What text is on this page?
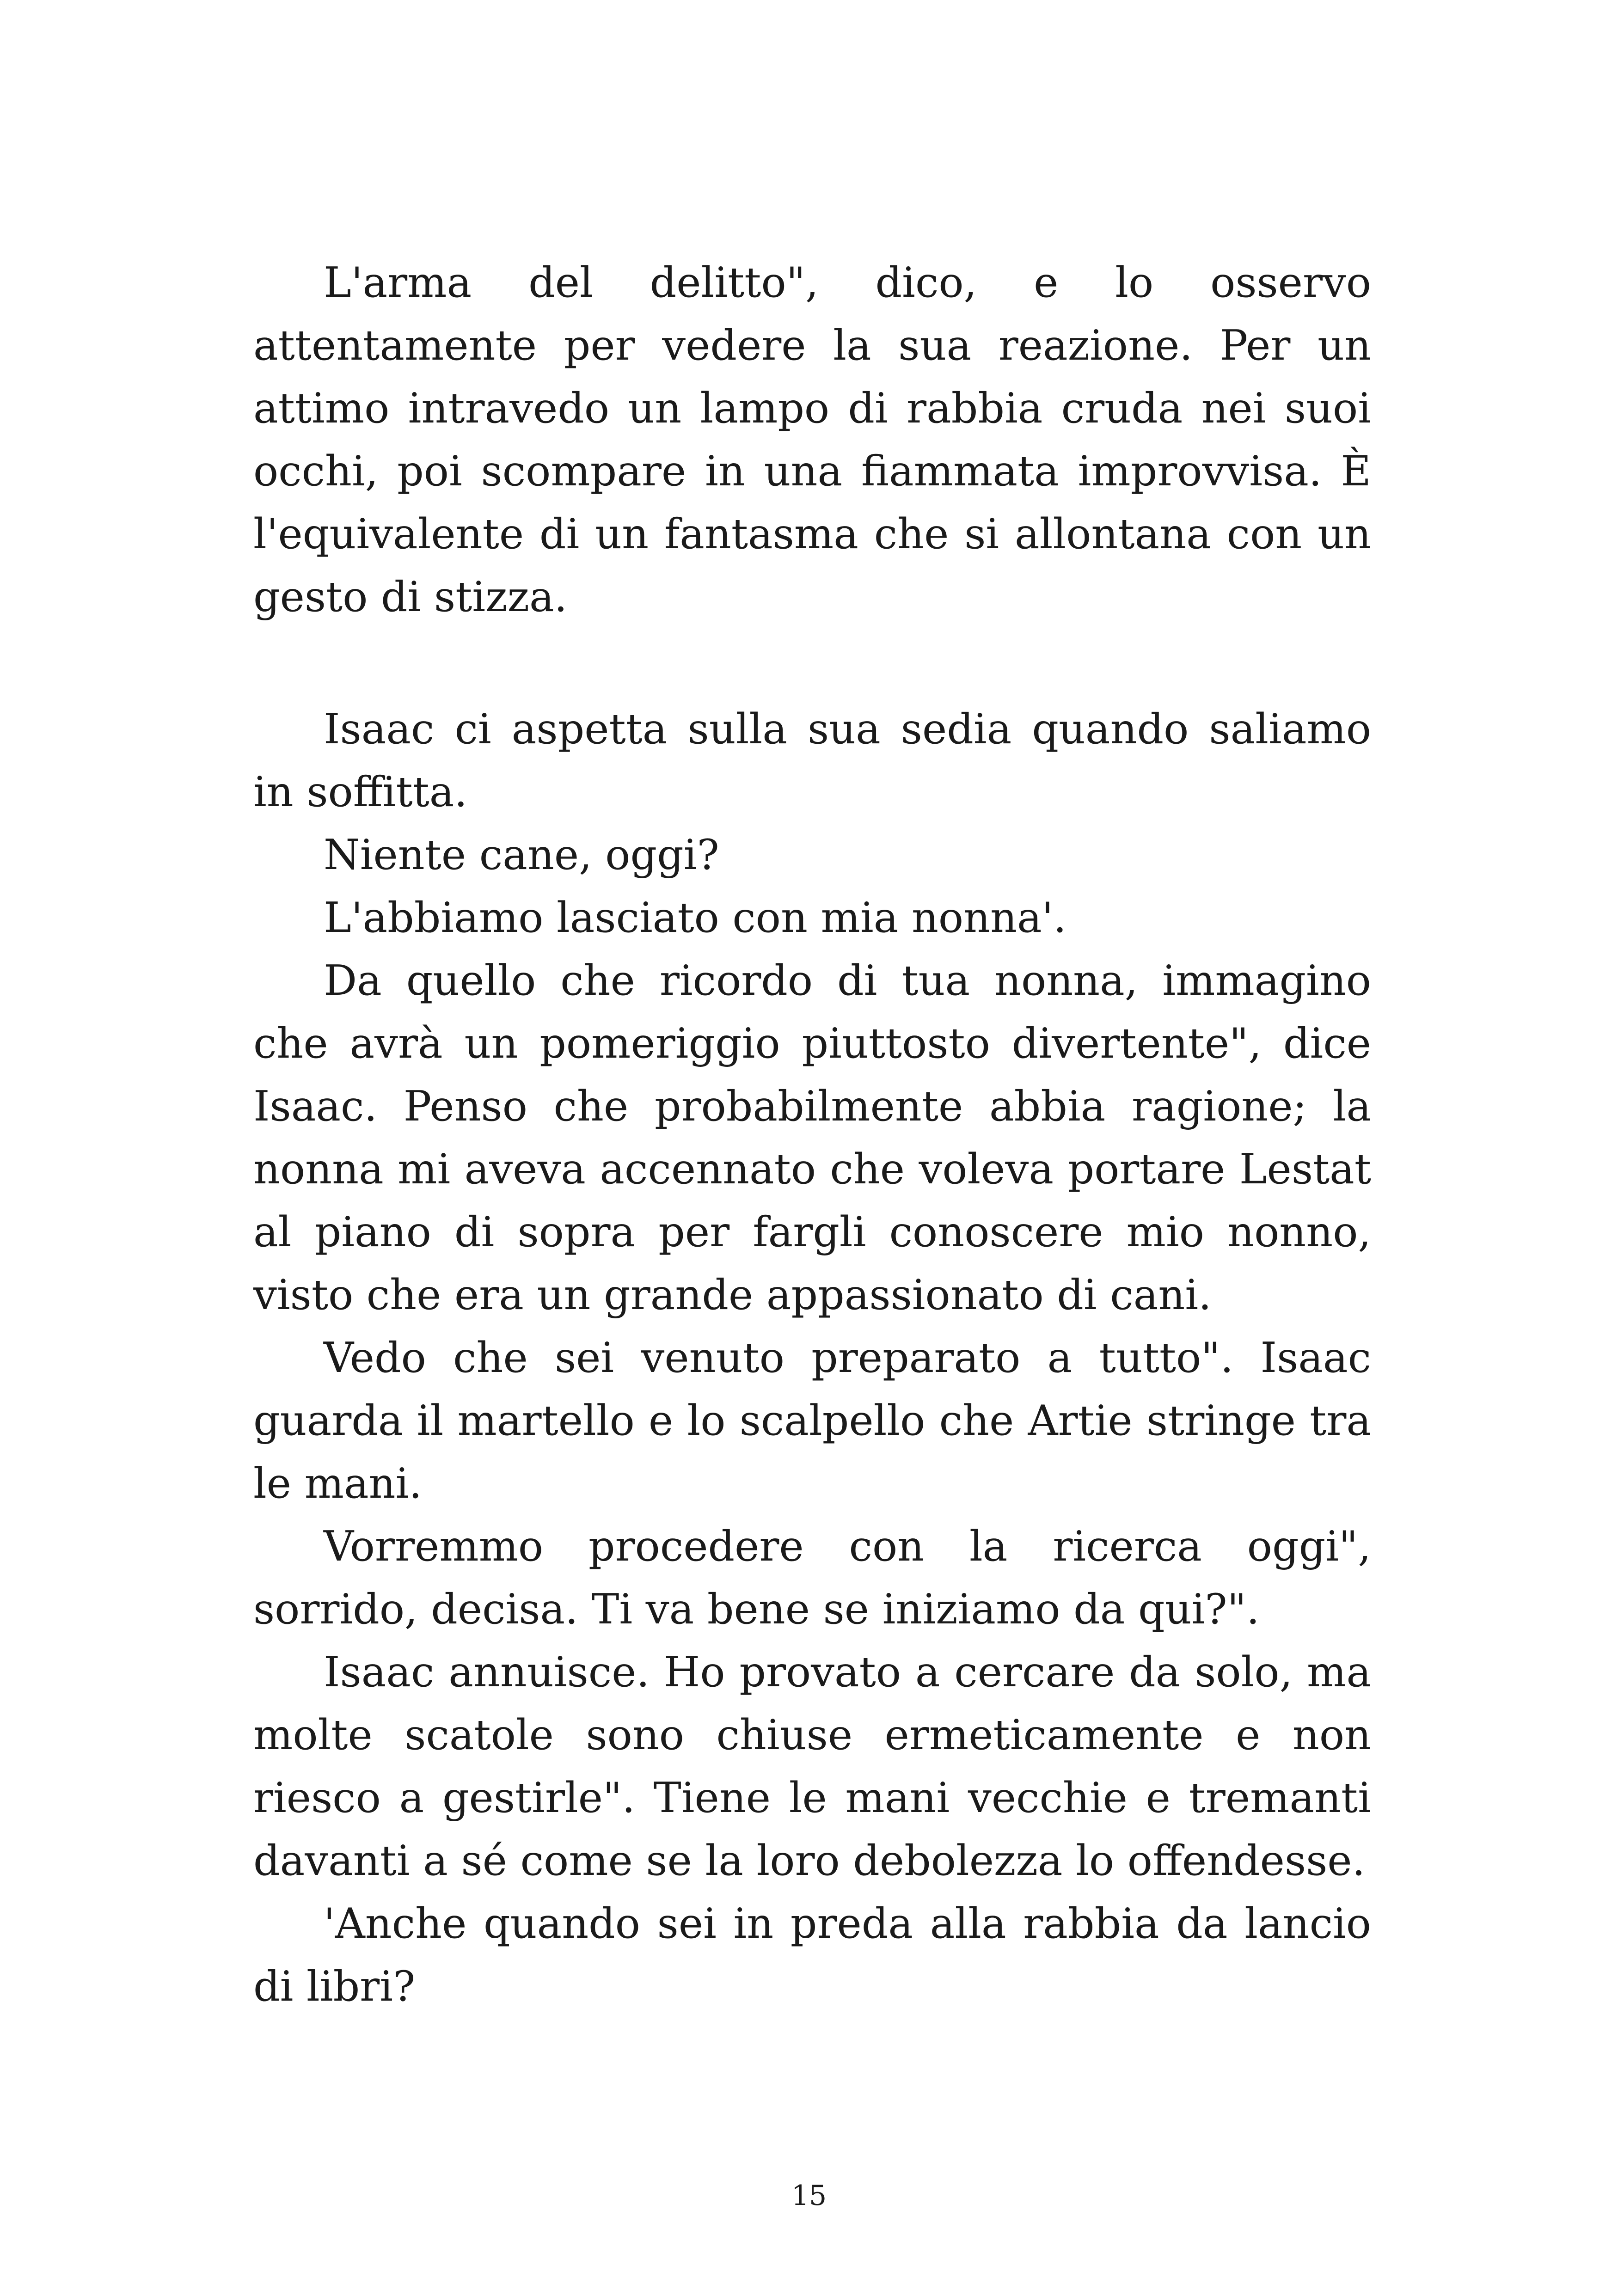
L'arma del delitto", dico, e lo osservo attentamente per vedere la sua reazione. Per un attimo intravedo un lampo di rabbia cruda nei suoi occhi, poi scompare in una fiammata improvvisa. È l'equivalente di un fantasma che si allontana con un gesto di stizza.

Isaac ci aspetta sulla sua sedia quando saliamo in soffitta.

Niente cane, oggi?

L'abbiamo lasciato con mia nonna'.

Da quello che ricordo di tua nonna, immagino che avrà un pomeriggio piuttosto divertente", dice Isaac. Penso che probabilmente abbia ragione; la nonna mi aveva accennato che voleva portare Lestat al piano di sopra per fargli conoscere mio nonno, visto che era un grande appassionato di cani.

Vedo che sei venuto preparato a tutto". Isaac guarda il martello e lo scalpello che Artie stringe tra le mani.

Vorremmo procedere con la ricerca oggi", sorrido, decisa. Ti va bene se iniziamo da qui?".

Isaac annuisce. Ho provato a cercare da solo, ma molte scatole sono chiuse ermeticamente e non riesco a gestirle". Tiene le mani vecchie e tremanti davanti a sé come se la loro debolezza lo offendesse.

'Anche quando sei in preda alla rabbia da lancio di libri?

15
